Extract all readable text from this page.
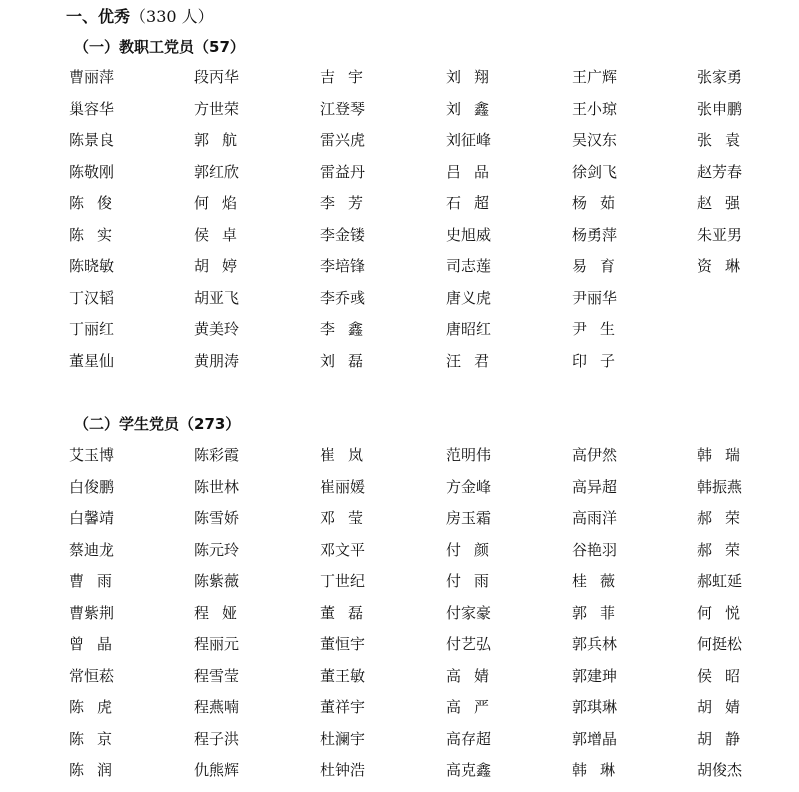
一、优秀（330 人）
（一）教职工党员（57）
曹丽萍	段丙华	吉宇	刘翔	王广辉	张家勇
巢容华	方世荣	江登琴	刘鑫	王小琼	张申鹏
陈景良	郭航	雷兴虎	刘征峰	吴汉东	张袁
陈敬刚	郭红欣	雷益丹	吕品	徐剑飞	赵芳春
陈俊	何焰	李芳	石超	杨茹	赵强
陈实	侯卓	李金镂	史旭威	杨勇萍	朱亚男
陈晓敏	胡婷	李培锋	司志莲	易育	资琳
丁汉韬	胡亚飞	李乔彧	唐义虎	尹丽华
丁丽红	黄美玲	李鑫	唐昭红	尹生
董星仙	黄朋涛	刘磊	汪君	印子
（二）学生党员（273）
艾玉博	陈彩霞	崔岚	范明伟	高伊然	韩瑞
白俊鹏	陈世林	崔丽媛	方金峰	高异超	韩振燕
白馨靖	陈雪娇	邓莹	房玉霜	高雨洋	郝荣
蔡迪龙	陈元玲	邓文平	付颜	谷艳羽	郝荣
曹雨	陈紫薇	丁世纪	付雨	桂薇	郝虹延
曹紫荆	程娅	董磊	付家豪	郭菲	何悦
曾晶	程丽元	董恒宇	付艺弘	郭兵林	何挺松
常恒菘	程雪莹	董王敏	高婧	郭建珅	侯昭
陈虎	程燕喃	董祥宇	高严	郭琪琳	胡婧
陈京	程子洪	杜澜宇	高存超	郭增晶	胡静
陈润	仇熊辉	杜钟浩	高克鑫	韩琳	胡俊杰
